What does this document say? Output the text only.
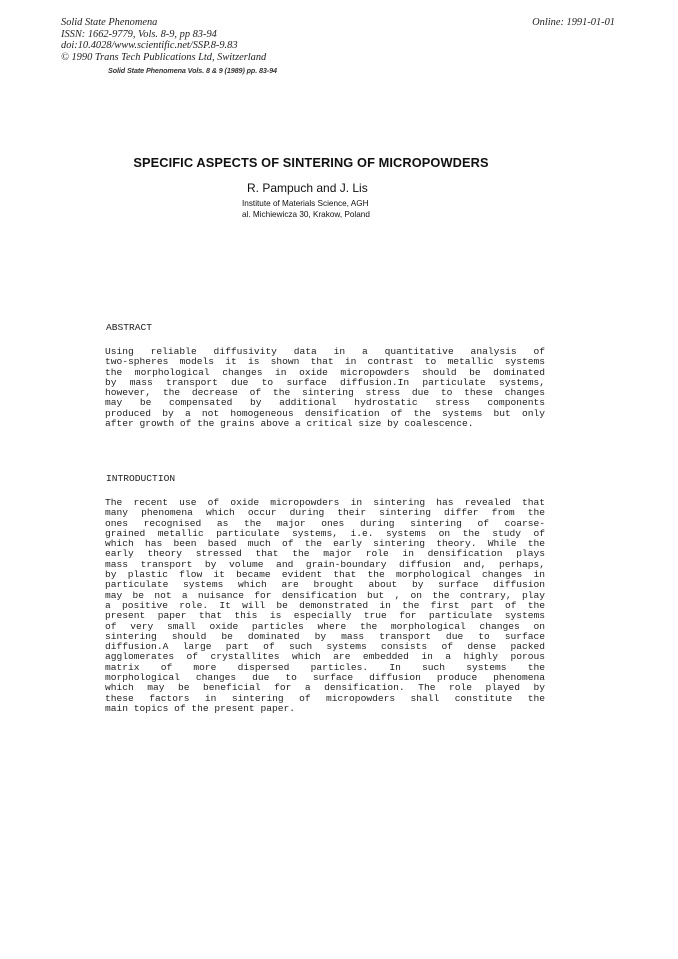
Solid State Phenomena
ISSN: 1662-9779, Vols. 8-9, pp 83-94
doi:10.4028/www.scientific.net/SSP.8-9.83
© 1990 Trans Tech Publications Ltd, Switzerland
Online: 1991-01-01
Solid State Phenomena Vols. 8 & 9 (1989) pp. 83-94
SPECIFIC ASPECTS OF SINTERING OF MICROPOWDERS
R. Pampuch and J. Lis
Institute of Materials Science, AGH
al. Michiewicza 30, Krakow, Poland
ABSTRACT
Using reliable diffusivity data in a quantitative analysis of
two-spheres models it is shown that in contrast to metallic systems
the morphological changes in oxide micropowders should be dominated
by mass transport due to surface diffusion.In particulate systems,
however, the decrease of the sintering stress due to these changes
may be compensated by additional hydrostatic stress components
produced by a not homogeneous densification of the systems but only
after growth of the grains above a critical size by coalescence.
INTRODUCTION
The recent use of oxide micropowders in sintering has revealed that
many phenomena which occur during their sintering differ from the
ones recognised as the major ones during sintering of coarse-
grained metallic particulate systems, i.e. systems on the study of
which has been based much of the early sintering theory. While the
early theory stressed that the major role in densification plays
mass transport by volume and grain-boundary diffusion and, perhaps,
by plastic flow it became evident that the morphological changes in
particulate systems which are brought about by surface diffusion
may be not a nuisance for densification but , on the contrary, play
a positive role. It will be demonstrated in the first part of the
present paper that this is especially true for particulate systems
of very small oxide particles where the morphological changes on
sintering should be dominated by mass transport due to surface
diffusion.A large part of such systems consists of dense packed
agglomerates of crystallites which are embedded in a highly porous
matrix of more dispersed particles. In such systems the
morphological changes due to surface diffusion produce phenomena
which may be beneficial for a densification. The role played by
these factors in sintering of micropowders shall constitute the
main topics of the present paper.
